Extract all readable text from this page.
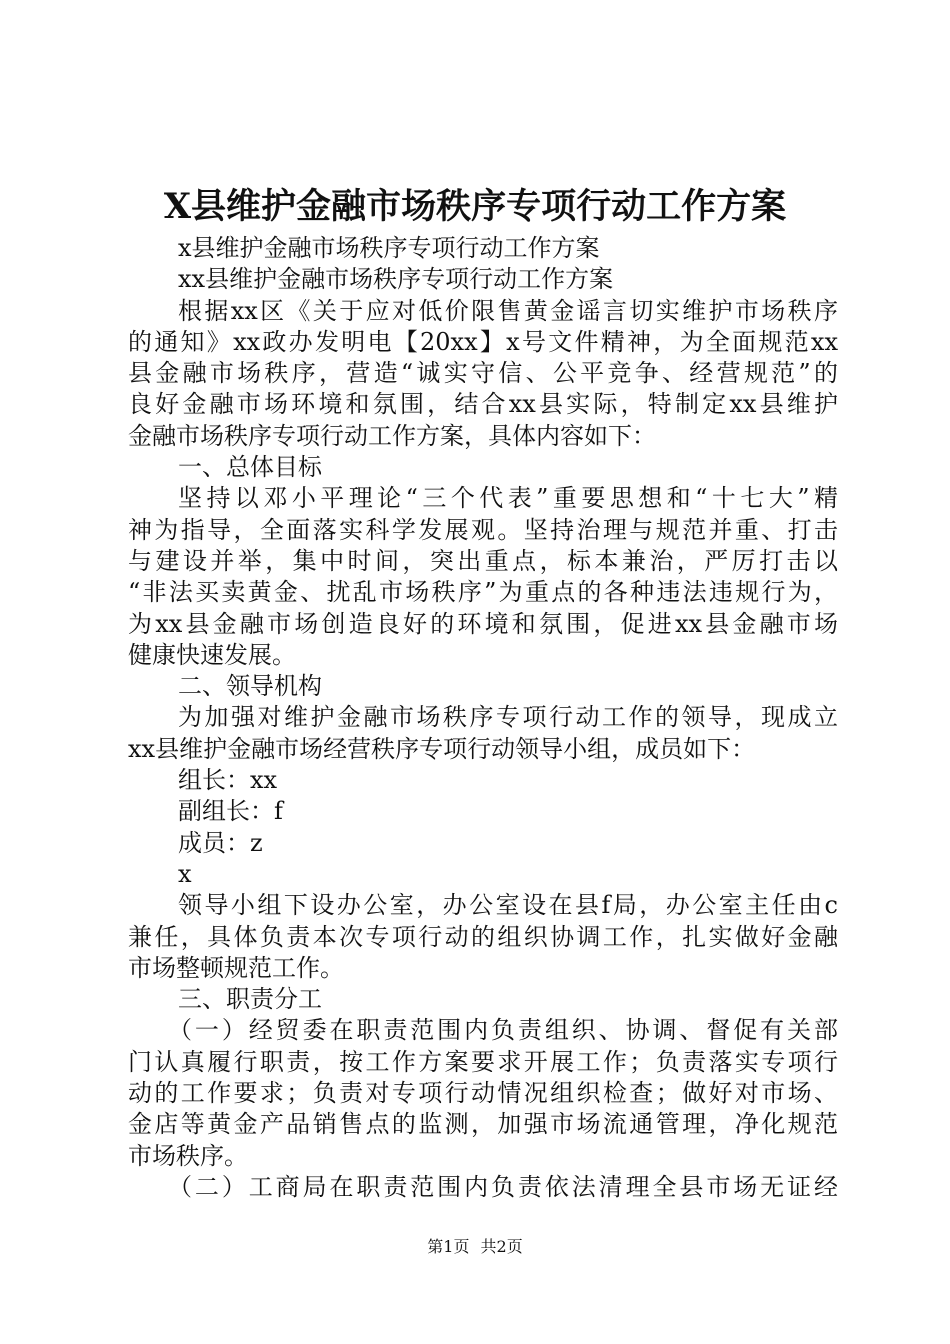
X县维护金融市场秩序专项行动工作方案
x县维护金融市场秩序专项行动工作方案
xx县维护金融市场秩序专项行动工作方案
根据xx区《关于应对低价限售黄金谣言切实维护市场秩序
的通知》xx政办发明电【20xx】x号文件精神，为全面规范xx
县金融市场秩序，营造“诚实守信、公平竞争、经营规范”的
良好金融市场环境和氛围，结合xx县实际，特制定xx县维护
金融市场秩序专项行动工作方案，具体内容如下：
一、总体目标
坚持以邓小平理论“三个代表”重要思想和“十七大”精
神为指导，全面落实科学发展观。坚持治理与规范并重、打击
与建设并举，集中时间，突出重点，标本兼治，严厉打击以
“非法买卖黄金、扰乱市场秩序”为重点的各种违法违规行为，
为xx县金融市场创造良好的环境和氛围，促进xx县金融市场
健康快速发展。
二、领导机构
为加强对维护金融市场秩序专项行动工作的领导，现成立
xx县维护金融市场经营秩序专项行动领导小组，成员如下：
组长：xx
副组长：f
成员：z
x
领导小组下设办公室，办公室设在县f局，办公室主任由c
兼任，具体负责本次专项行动的组织协调工作，扎实做好金融
市场整顿规范工作。
三、职责分工
（一）经贸委在职责范围内负责组织、协调、督促有关部
门认真履行职责，按工作方案要求开展工作；负责落实专项行
动的工作要求；负责对专项行动情况组织检查；做好对市场、
金店等黄金产品销售点的监测，加强市场流通管理，净化规范
市场秩序。
（二）工商局在职责范围内负责依法清理全县市场无证经
第1页 共2页
